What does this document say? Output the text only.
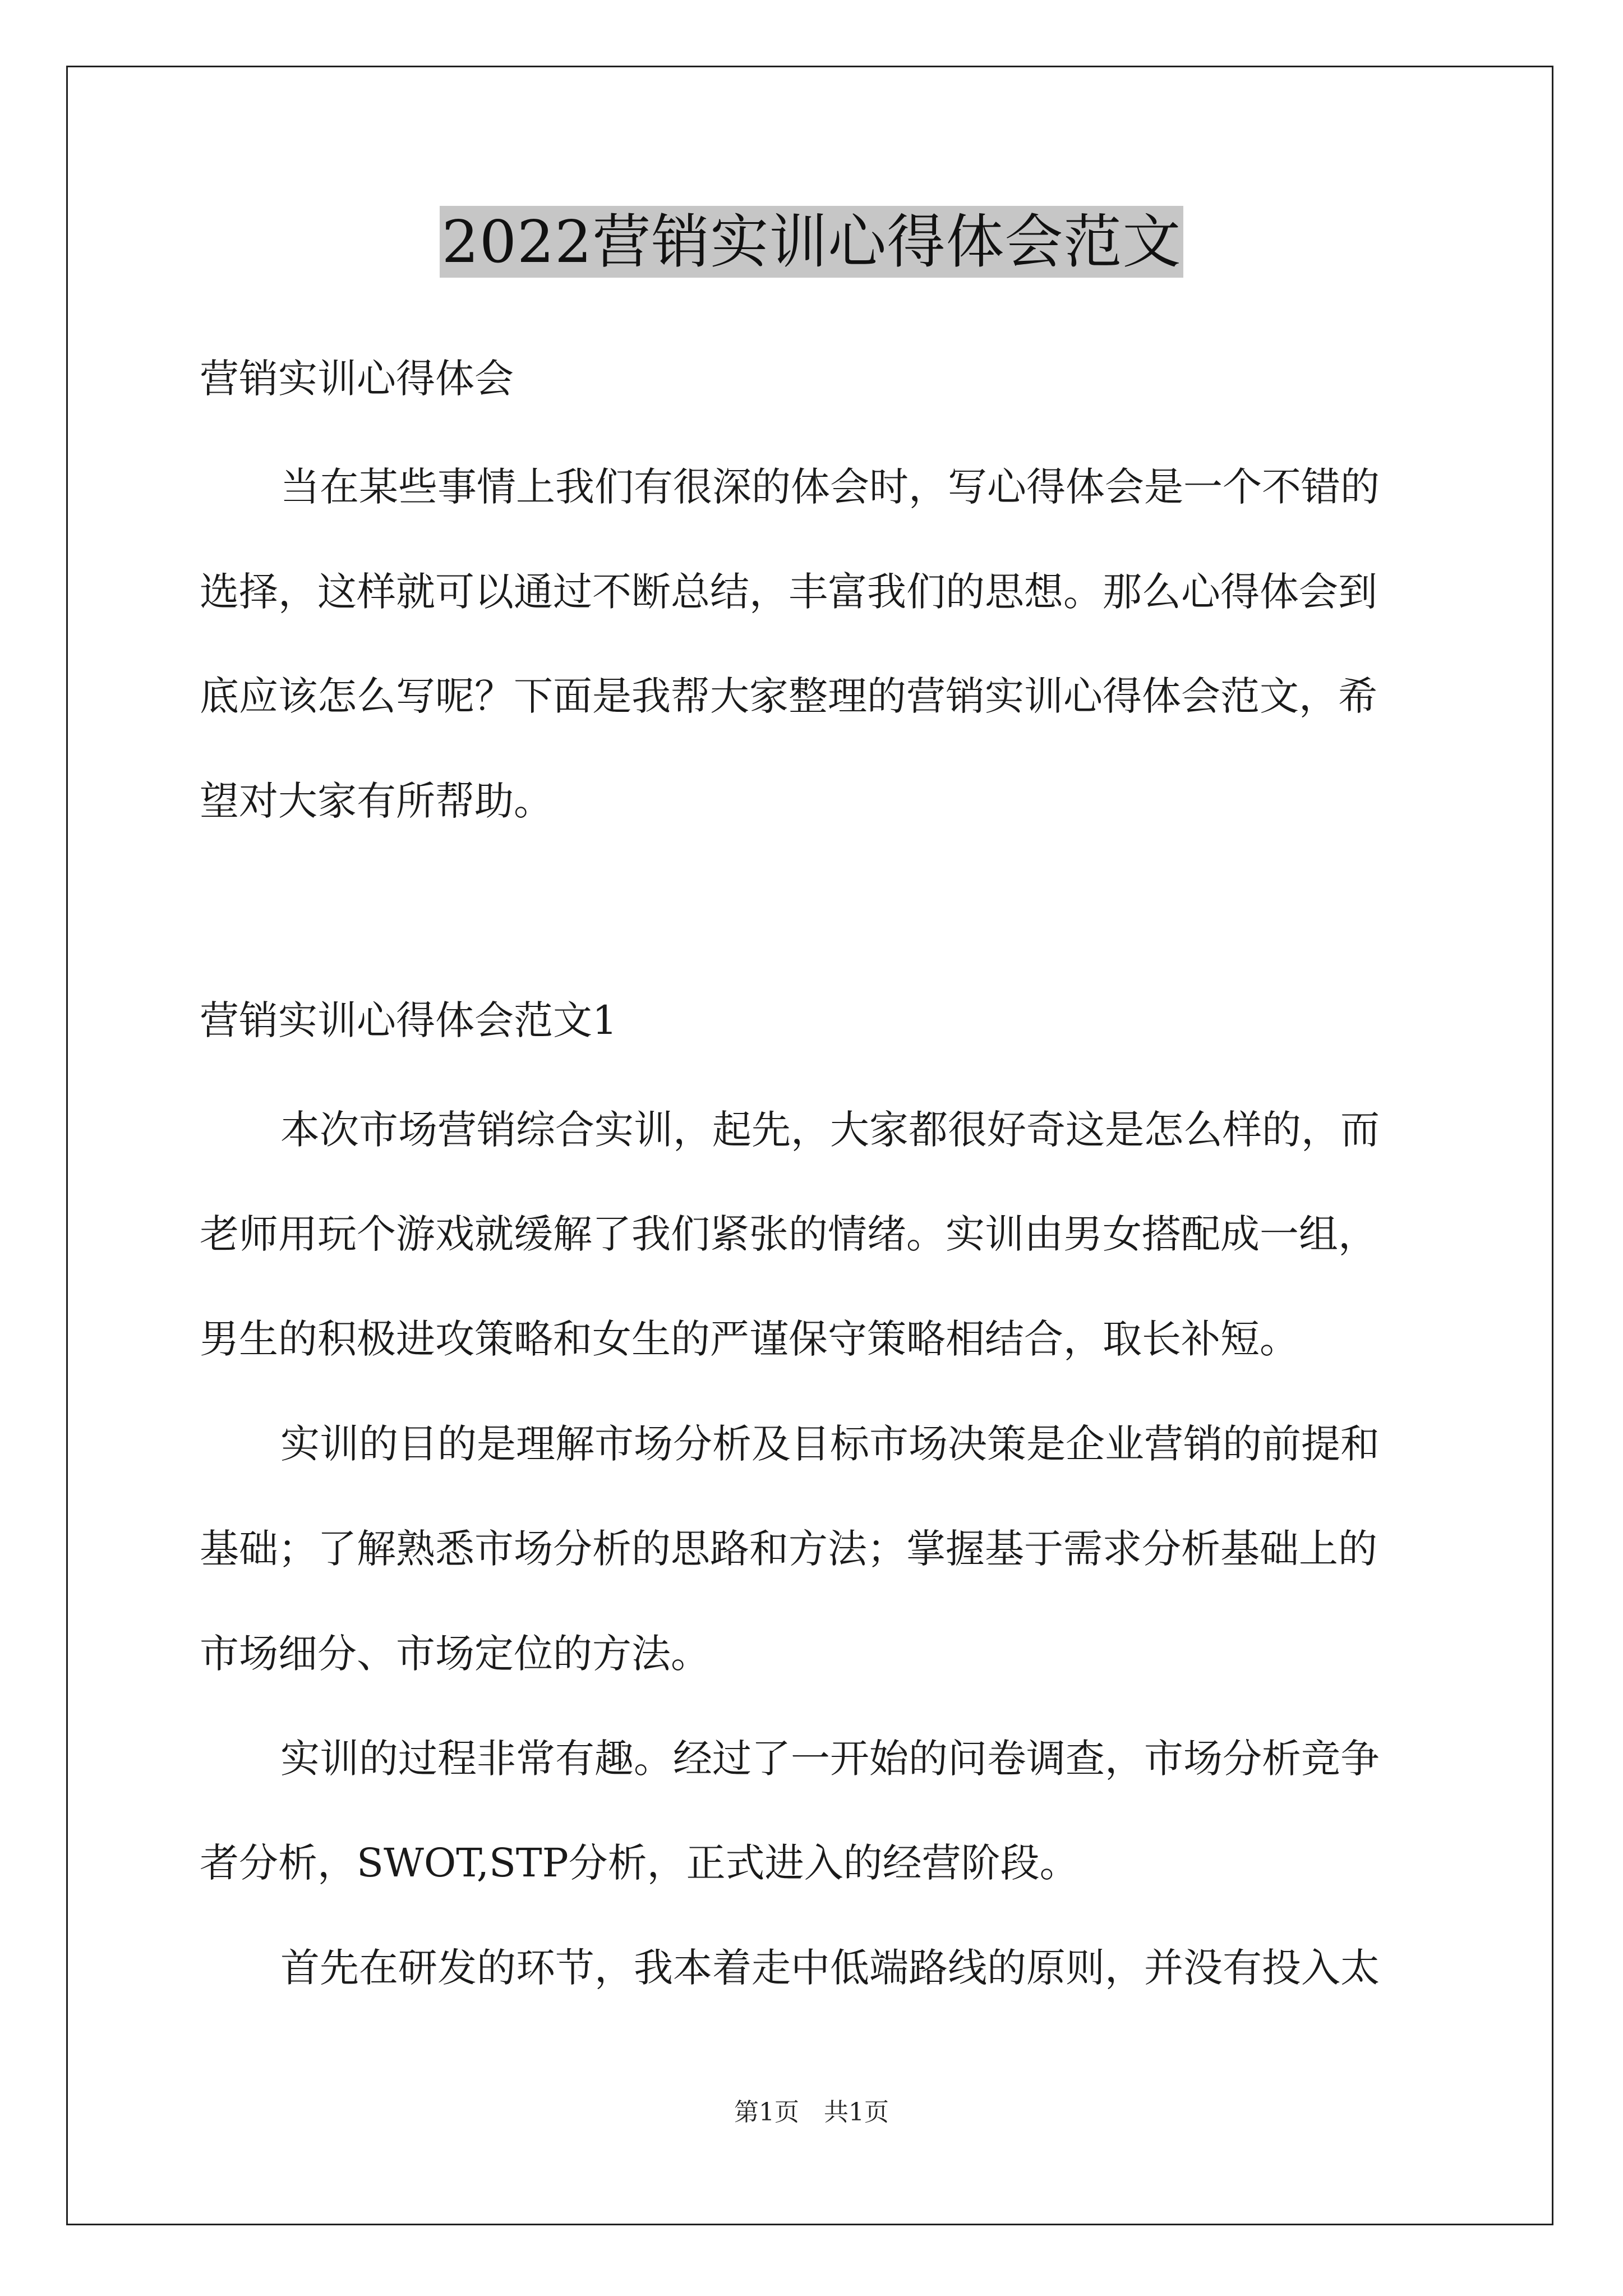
2022营销实训心得体会范文
营销实训心得体会
当在某些事情上我们有很深的体会时，写心得体会是一个不错的
选择，这样就可以通过不断总结，丰富我们的思想。那么心得体会到
底应该怎么写呢？下面是我帮大家整理的营销实训心得体会范文，希
望对大家有所帮助。
营销实训心得体会范文1
本次市场营销综合实训，起先，大家都很好奇这是怎么样的，而
老师用玩个游戏就缓解了我们紧张的情绪。实训由男女搭配成一组，
男生的积极进攻策略和女生的严谨保守策略相结合，取长补短。
实训的目的是理解市场分析及目标市场决策是企业营销的前提和
基础；了解熟悉市场分析的思路和方法；掌握基于需求分析基础上的
市场细分、市场定位的方法。
实训的过程非常有趣。经过了一开始的问卷调查，市场分析竞争
者分析，SWOT,STP分析，正式进入的经营阶段。
首先在研发的环节，我本着走中低端路线的原则，并没有投入太
第1页　共1页
